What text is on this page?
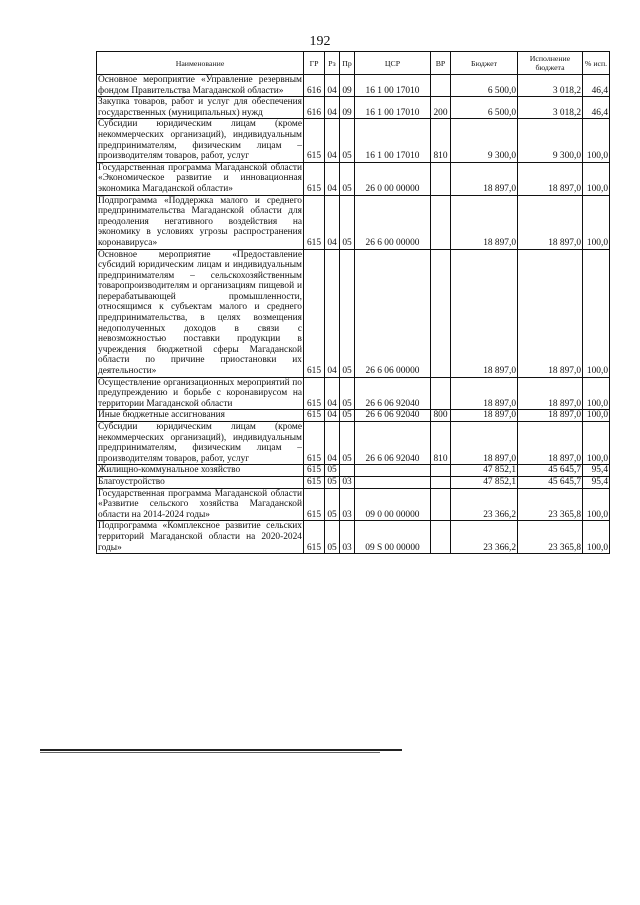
192
Наименование	ГР	Рз	Пр	ЦСР	ВР	Бюджет	Исполнение бюджета	% исп.
Основное мероприятие «Управление резервным фондом Правительства Магаданской области»	616	04	09	16 1 00 17010		6 500,0	3 018,2	46,4
Закупка товаров, работ и услуг для обеспечения государственных (муниципальных) нужд	616	04	09	16 1 00 17010	200	6 500,0	3 018,2	46,4
Субсидии юридическим лицам (кроме некоммерческих организаций), индивидуальным предпринимателям, физическим лицам – производителям товаров, работ, услуг	615	04	05	16 1 00 17010	810	9 300,0	9 300,0	100,0
Государственная программа Магаданской области «Экономическое развитие и инновационная экономика Магаданской области»	615	04	05	26 0 00 00000		18 897,0	18 897,0	100,0
Подпрограмма «Поддержка малого и среднего предпринимательства Магаданской области для преодоления негативного воздействия на экономику в условиях угрозы распространения коронавируса»	615	04	05	26 6 00 00000		18 897,0	18 897,0	100,0
Основное мероприятие «Предоставление субсидий юридическим лицам и индивидуальным предпринимателям – сельскохозяйственным товаропроизводителям и организациям пищевой и перерабатывающей промышленности, относящимся к субъектам малого и среднего предпринимательства, в целях возмещения недополученных доходов в связи с невозможностью поставки продукции в учреждения бюджетной сферы Магаданской области по причине приостановки их деятельности»	615	04	05	26 6 06 00000		18 897,0	18 897,0	100,0
Осуществление организационных мероприятий по предупреждению и борьбе с коронавирусом на территории Магаданской области	615	04	05	26 6 06 92040		18 897,0	18 897,0	100,0
Иные бюджетные ассигнования	615	04	05	26 6 06 92040	800	18 897,0	18 897,0	100,0
Субсидии юридическим лицам (кроме некоммерческих организаций), индивидуальным предпринимателям, физическим лицам – производителям товаров, работ, услуг	615	04	05	26 6 06 92040	810	18 897,0	18 897,0	100,0
Жилищно-коммунальное хозяйство	615	05				47 852,1	45 645,7	95,4
Благоустройство	615	05	03			47 852,1	45 645,7	95,4
Государственная программа Магаданской области «Развитие сельского хозяйства Магаданской области на 2014-2024 годы»	615	05	03	09 0 00 00000		23 366,2	23 365,8	100,0
Подпрограмма «Комплексное развитие сельских территорий Магаданской области на 2020-2024 годы»	615	05	03	09 S 00 00000		23 366,2	23 365,8	100,0
